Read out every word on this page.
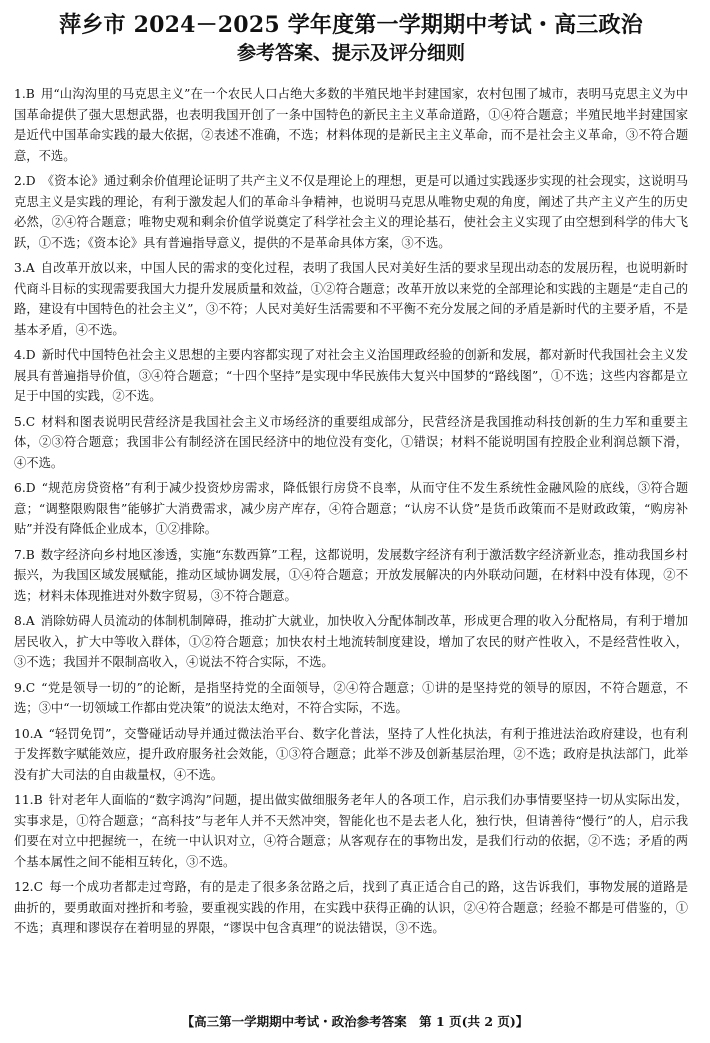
萍乡市 2024－2025 学年度第一学期期中考试・高三政治
参考答案、提示及评分细则

1.B 用“山沟沟里的马克思主义”在一个农民人口占绝大多数的半殖民地半封建国家，农村包围了城市，表明马克思主义为中国革命提供了强大思想武器，也表明我国开创了一条中国特色的新民主主义革命道路，①④符合题意；半殖民地半封建国家是近代中国革命实践的最大依据，②表述不准确，不选；材料体现的是新民主主义革命，而不是社会主义革命，③不符合题意，不选。

2.D 《资本论》通过剩余价值理论证明了共产主义不仅是理论上的理想，更是可以通过实践逐步实现的社会现实，这说明马克思主义是实践的理论，有利于激发起人们的革命斗争精神，也说明马克思从唯物史观的角度，阐述了共产主义产生的历史必然，②④符合题意；唯物史观和剩余价值学说奠定了科学社会主义的理论基石，使社会主义实现了由空想到科学的伟大飞跃，①不选；《资本论》具有普遍指导意义，提供的不是革命具体方案，③不选。

3.A 自改革开放以来，中国人民的需求的变化过程，表明了我国人民对美好生活的要求呈现出动态的发展历程，也说明新时代商斗目标的实现需要我国大力提升发展质量和效益，①②符合题意；改革开放以来党的全部理论和实践的主题是“走自己的路，建设有中国特色的社会主义”，③不符；人民对美好生活需要和不平衡不充分发展之间的矛盾是新时代的主要矛盾，不是基本矛盾，④不选。

4.D 新时代中国特色社会主义思想的主要内容都实现了对社会主义治国理政经验的创新和发展，都对新时代我国社会主义发展具有普遍指导价值，③④符合题意；“十四个坚持”是实现中华民族伟大复兴中国梦的“路线图”，①不选；这些内容都是立足于中国的实践，②不选。

5.C 材料和图表说明民营经济是我国社会主义市场经济的重要组成部分，民营经济是我国推动科技创新的生力军和重要主体，②③符合题意；我国非公有制经济在国民经济中的地位没有变化，①错误；材料不能说明国有控股企业利润总额下滑，④不选。

6.D “规范房贷资格”有利于减少投资炒房需求，降低银行房贷不良率，从而守住不发生系统性金融风险的底线，③符合题意；“调整限购限售”能够扩大消费需求，减少房产库存，④符合题意；“认房不认贷”是货币政策而不是财政政策，“购房补贴”并没有降低企业成本，①②排除。

7.B 数字经济向乡村地区渗透，实施“东数西算”工程，这都说明，发展数字经济有利于激活数字经济新业态，推动我国乡村振兴，为我国区域发展赋能，推动区域协调发展，①④符合题意；开放发展解决的内外联动问题，在材料中没有体现，②不选；材料未体现推进对外数字贸易，③不符合题意。

8.A 消除妨碍人员流动的体制机制障碍，推动扩大就业，加快收入分配体制改革，形成更合理的收入分配格局，有利于增加居民收入，扩大中等收入群体，①②符合题意；加快农村土地流转制度建设，增加了农民的财产性收入，不是经营性收入，③不选；我国并不限制高收入，④说法不符合实际，不选。

9.C “党是领导一切的”的论断，是指坚持党的全面领导，②④符合题意；①讲的是坚持党的领导的原因，不符合题意，不选；③中“一切领域工作都由党决策”的说法太绝对，不符合实际，不选。

10.A “轻罚免罚”，交警碰话动导并通过微法治平台、数字化普法，坚持了人性化执法，有利于推进法治政府建设，也有利于发挥数字赋能效应，提升政府服务社会效能，①③符合题意；此举不涉及创新基层治理，②不选；政府是执法部门，此举没有扩大司法的自由裁量权，④不选。

11.B 针对老年人面临的“数字鸿沟”问题，提出做实做细服务老年人的各项工作，启示我们办事情要坚持一切从实际出发，实事求是，①符合题意；“高科技”与老年人并不天然冲突，智能化也不是去老人化，独行快，但请善待“慢行”的人，启示我们要在对立中把握统一，在统一中认识对立，④符合题意；从客观存在的事物出发，是我们行动的依据，②不选；矛盾的两个基本属性之间不能相互转化，③不选。

12.C 每一个成功者都走过弯路，有的是走了很多条岔路之后，找到了真正适合自己的路，这告诉我们，事物发展的道路是曲折的，要勇敢面对挫折和考验，要重视实践的作用，在实践中获得正确的认识，②④符合题意；经验不都是可借鉴的，①不选；真理和谬误存在着明显的界限，“谬误中包含真理”的说法错误，③不选。

【高三第一学期期中考试・政治参考答案　第 1 页(共 2 页)】
